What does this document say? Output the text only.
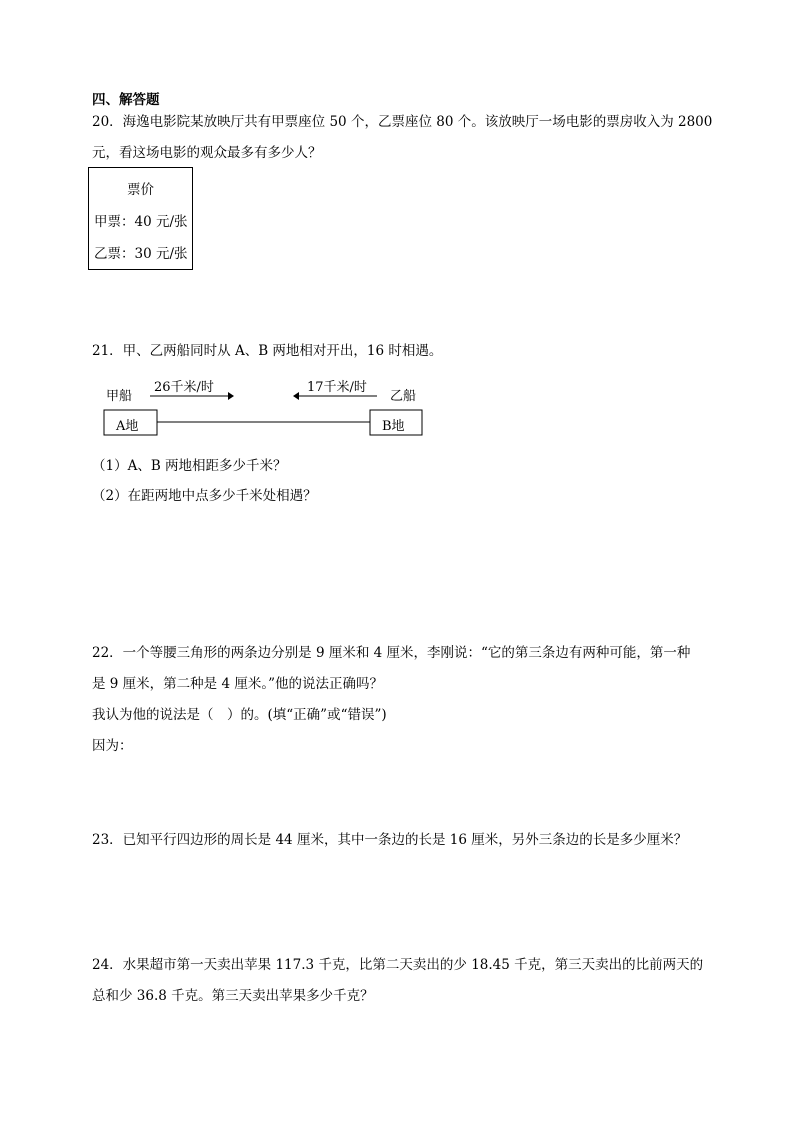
四、解答题
20．海逸电影院某放映厅共有甲票座位 50 个，乙票座位 80 个。该放映厅一场电影的票房收入为 2800
元，看这场电影的观众最多有多少人？
票价
甲票：40 元/张
乙票：30 元/张
21．甲、乙两船同时从 A、B 两地相对开出，16 时相遇。
甲船
26千米/时	17千米/时
乙船
A地	B地
（1）A、B 两地相距多少千米？
（2）在距两地中点多少千米处相遇？
22．一个等腰三角形的两条边分别是 9 厘米和 4 厘米，李刚说：“它的第三条边有两种可能，第一种
是 9 厘米，第二种是 4 厘米。”他的说法正确吗？
我认为他的说法是（　）的。(填“正确”或“错误”)
因为：
23．已知平行四边形的周长是 44 厘米，其中一条边的长是 16 厘米，另外三条边的长是多少厘米？
24．水果超市第一天卖出苹果 117.3 千克，比第二天卖出的少 18.45 千克，第三天卖出的比前两天的
总和少 36.8 千克。第三天卖出苹果多少千克？
